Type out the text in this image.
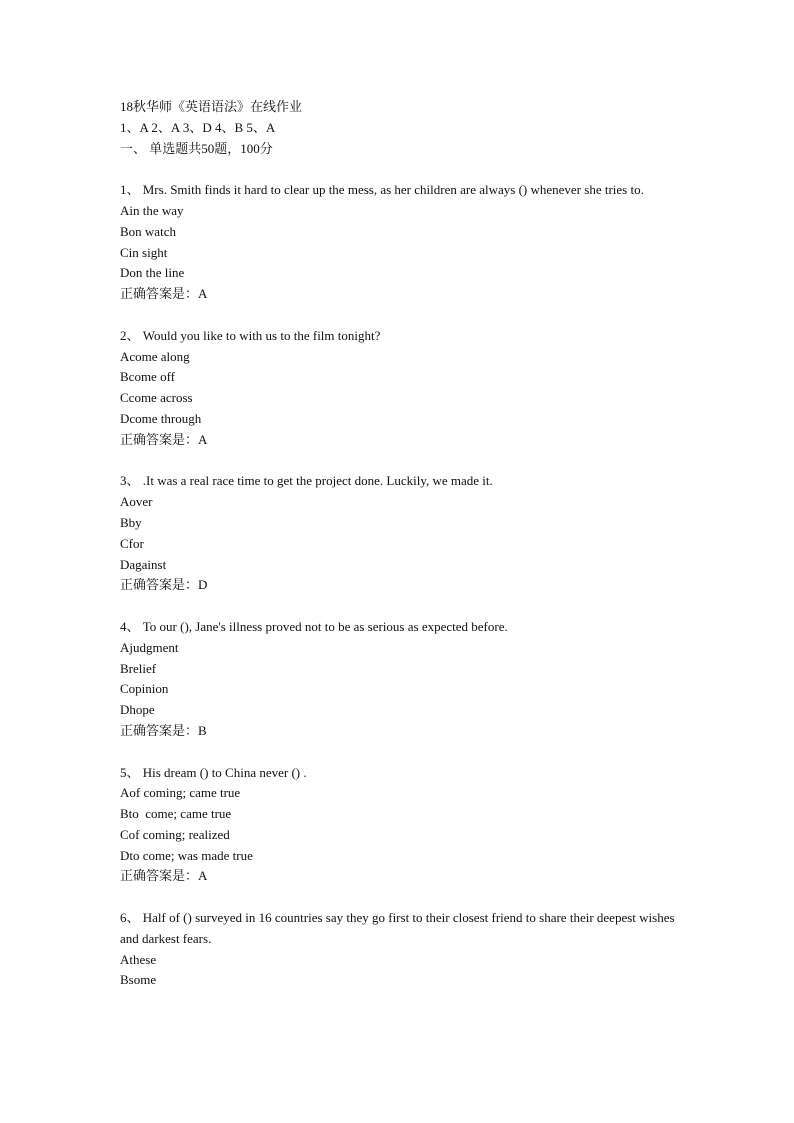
18秋华师《英语语法》在线作业
1、A 2、A 3、D 4、B 5、A
一、 单选题共50题，100分
1、 Mrs. Smith finds it hard to clear up the mess, as her children are always () whenever she tries to.
Ain the way
Bon watch
Cin sight
Don the line
正确答案是：A
2、 Would you like to with us to the film tonight?
Acome along
Bcome off
Ccome across
Dcome through
正确答案是：A
3、 .It was a real race time to get the project done. Luckily, we made it.
Aover
Bby
Cfor
Dagainst
正确答案是：D
4、 To our (), Jane's illness proved not to be as serious as expected before.
Ajudgment
Brelief
Copinion
Dhope
正确答案是：B
5、 His dream () to China never () .
Aof coming; came true
Bto  come; came true
Cof coming; realized
Dto come; was made true
正确答案是：A
6、 Half of () surveyed in 16 countries say they go first to their closest friend to share their deepest wishes and darkest fears.
Athese
Bsome
